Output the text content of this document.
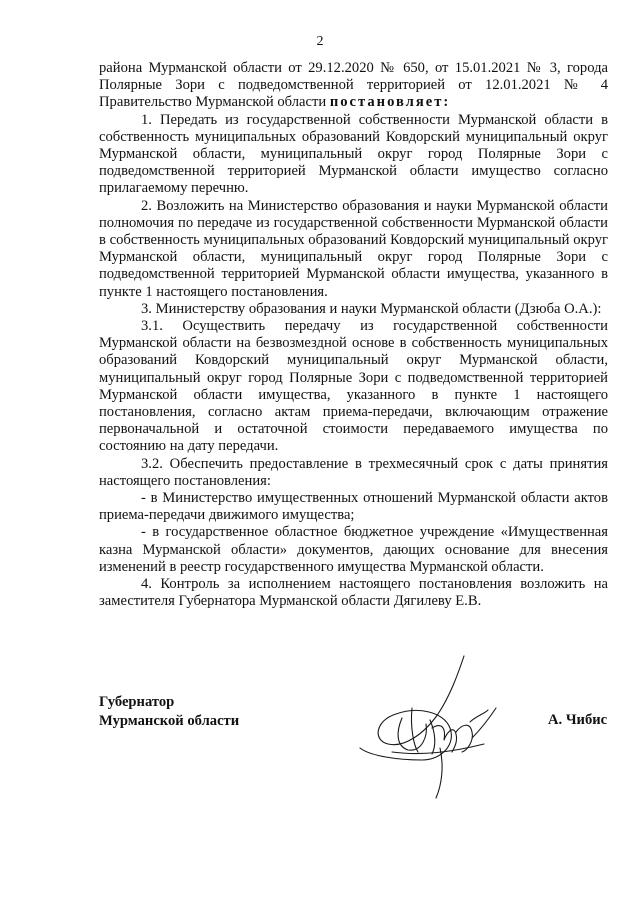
2

района Мурманской области от 29.12.2020 № 650, от 15.01.2021 № 3, города Полярные Зори с подведомственной территорией от 12.01.2021 № 4 Правительство Мурманской области постановляет:

1. Передать из государственной собственности Мурманской области в собственность муниципальных образований Ковдорский муниципальный округ Мурманской области, муниципальный округ город Полярные Зори с подведомственной территорией Мурманской области имущество согласно прилагаемому перечню.

2. Возложить на Министерство образования и науки Мурманской области полномочия по передаче из государственной собственности Мурманской области в собственность муниципальных образований Ковдорский муниципальный округ Мурманской области, муниципальный округ город Полярные Зори с подведомственной территорией Мурманской области имущества, указанного в пункте 1 настоящего постановления.

3. Министерству образования и науки Мурманской области (Дзюба О.А.):

3.1. Осуществить передачу из государственной собственности Мурманской области на безвозмездной основе в собственность муниципальных образований Ковдорский муниципальный округ Мурманской области, муниципальный округ город Полярные Зори с подведомственной территорией Мурманской области имущества, указанного в пункте 1 настоящего постановления, согласно актам приема-передачи, включающим отражение первоначальной и остаточной стоимости передаваемого имущества по состоянию на дату передачи.

3.2. Обеспечить предоставление в трехмесячный срок с даты принятия настоящего постановления:

- в Министерство имущественных отношений Мурманской области актов приема-передачи движимого имущества;

- в государственное областное бюджетное учреждение «Имущественная казна Мурманской области» документов, дающих основание для внесения изменений в реестр государственного имущества Мурманской области.

4. Контроль за исполнением настоящего постановления возложить на заместителя Губернатора Мурманской области Дягилеву Е.В.

Губернатор
Мурманской области	А. Чибис
